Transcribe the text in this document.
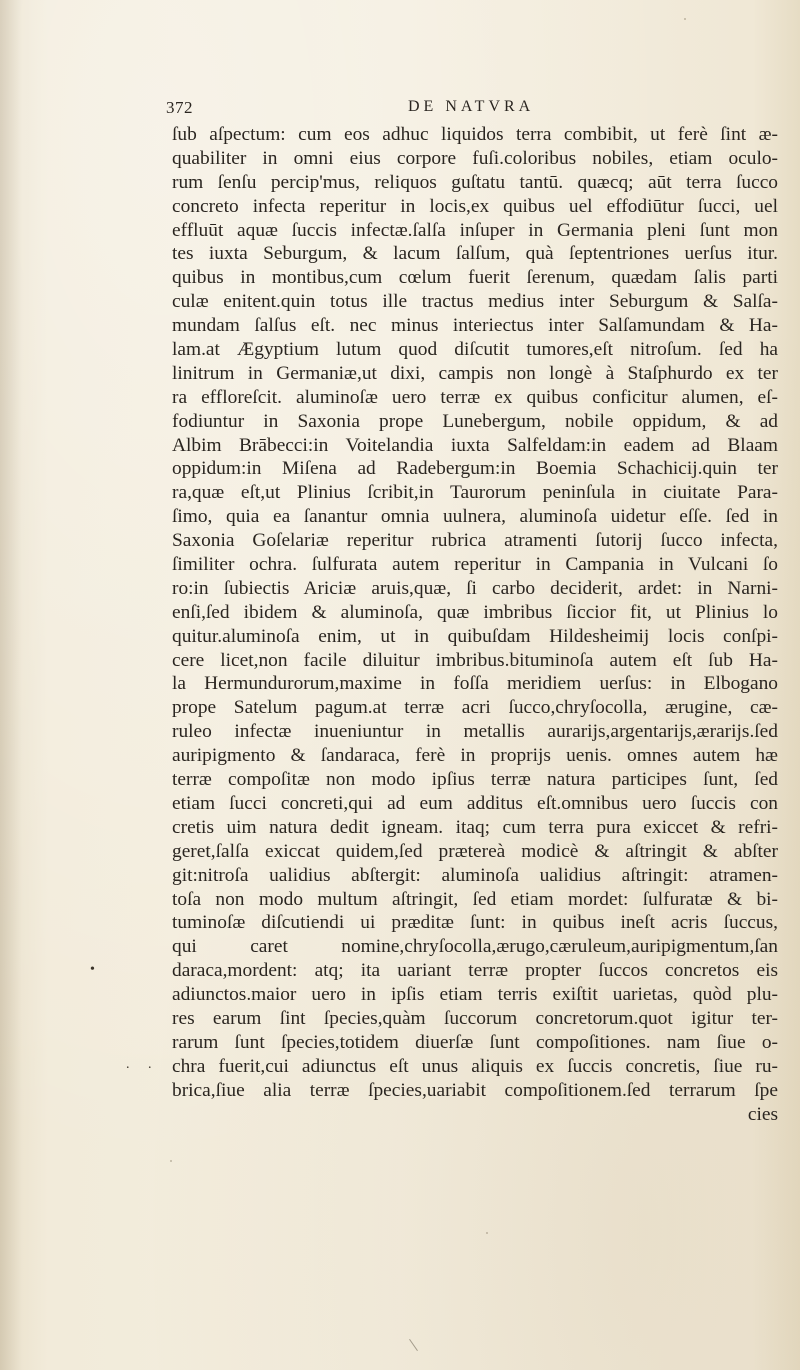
372	DE NATVRA
ſub aſpectum: cum eos adhuc liquidos terra combibit, ut ferè ſint æ-
quabiliter in omni eius corpore fuſi.coloribus nobiles, etiam oculo-
rum ſenſu percip'mus, reliquos guſtatu tantū. quæcq; aūt terra ſucco
concreto infecta reperitur in locis,ex quibus uel effodiūtur ſucci, uel
effluūt aquæ ſuccis infectæ.ſalſa inſuper in Germania pleni ſunt mon
tes iuxta Seburgum, & lacum ſalſum, quà ſeptentriones uerſus itur.
quibus in montibus,cum cœlum fuerit ſerenum, quædam ſalis parti
culæ enitent.quin totus ille tractus medius inter Seburgum & Salſa-
mundam ſalſus eſt. nec minus interiectus inter Salſamundam & Ha-
lam.at Ægyptium lutum quod diſcutit tumores,eſt nitroſum. ſed ha
linitrum in Germaniæ,ut dixi, campis non longè à Staſphurdo ex ter
ra effloreſcit. aluminoſæ uero terræ ex quibus conficitur alumen, eſ-
fodiuntur in Saxonia prope Lunebergum, nobile oppidum, & ad
Albim Brābecci:in Voitelandia iuxta Salfeldam:in eadem ad Blaam
oppidum:in Miſena ad Radebergum:in Boemia Schachicij.quin ter
ra,quæ eſt,ut Plinius ſcribit,in Taurorum peninſula in ciuitate Para-
ſimo, quia ea ſanantur omnia uulnera, aluminoſa uidetur eſſe. ſed in
Saxonia Goſelariæ reperitur rubrica atramenti ſutorij ſucco infecta,
ſimiliter ochra. ſulfurata autem reperitur in Campania in Vulcani ſo
ro:in ſubiectis Ariciæ aruis,quæ, ſi carbo deciderit, ardet: in Narni-
enſi,ſed ibidem & aluminoſa, quæ imbribus ſiccior fit, ut Plinius lo
quitur.aluminoſa enim, ut in quibuſdam Hildesheimij locis conſpi-
cere licet,non facile diluitur imbribus.bituminoſa autem eſt ſub Ha-
la Hermundurorum,maxime in foſſa meridiem uerſus: in Elbogano
prope Satelum pagum.at terræ acri ſucco,chryſocolla, ærugine, cæ-
ruleo infectæ inueniuntur in metallis aurarijs,argentarijs,ærarijs.ſed
auripigmento & ſandaraca, ferè in proprijs uenis. omnes autem hæ
terræ compoſitæ non modo ipſius terræ natura participes ſunt, ſed
etiam ſucci concreti,qui ad eum additus eſt.omnibus uero ſuccis con
cretis uim natura dedit igneam. itaq; cum terra pura exiccet & refri-
geret,ſalſa exiccat quidem,ſed prætereà modicè & aſtringit & abſter
git:nitroſa ualidius abſtergit: aluminoſa ualidius aſtringit: atramen-
toſa non modo multum aſtringit, ſed etiam mordet: ſulfuratæ & bi-
tuminoſæ diſcutiendi ui præditæ ſunt: in quibus ineſt acris ſuccus,
qui caret nomine,chryſocolla,ærugo,cæruleum,auripigmentum,ſan
daraca,mordent: atq; ita uariant terræ propter ſuccos concretos eis
adiunctos.maior uero in ipſis etiam terris exiſtit uarietas, quòd plu-
res earum ſint ſpecies,quàm ſuccorum concretorum.quot igitur ter-
rarum ſunt ſpecies,totidem diuerſæ ſunt compoſitiones. nam ſiue o-
chra fuerit,cui adiunctus eſt unus aliquis ex ſuccis concretis, ſiue ru-
brica,ſiue alia terræ ſpecies,uariabit compoſitionem.ſed terrarum ſpe
cies
•
. .
